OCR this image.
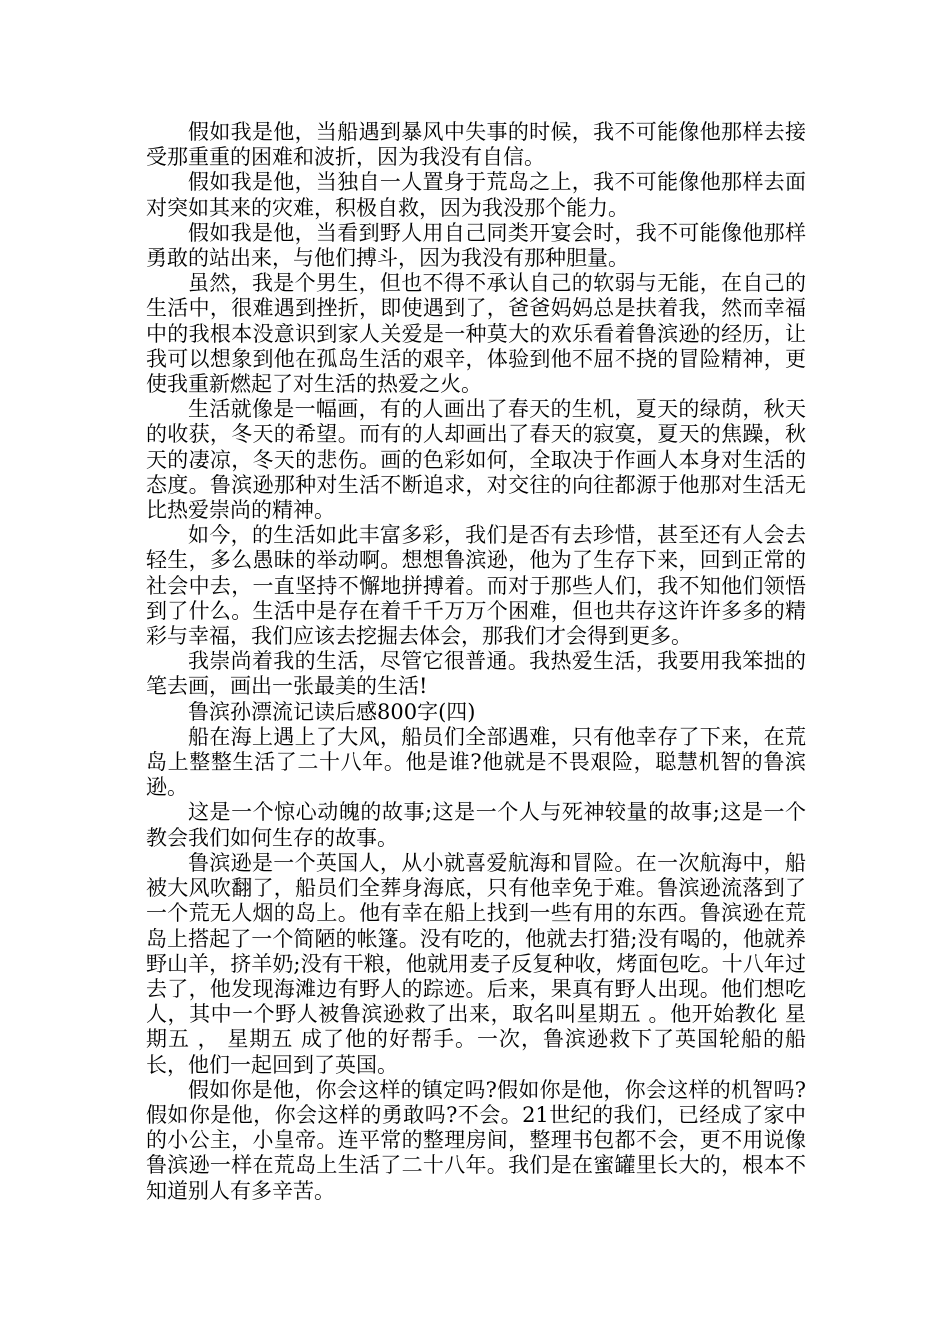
假如我是他，当船遇到暴风中失事的时候，我不可能像他那样去接受那重重的困难和波折，因为我没有自信。

假如我是他，当独自一人置身于荒岛之上，我不可能像他那样去面对突如其来的灾难，积极自救，因为我没那个能力。

假如我是他，当看到野人用自己同类开宴会时，我不可能像他那样勇敢的站出来，与他们搏斗，因为我没有那种胆量。

虽然，我是个男生，但也不得不承认自己的软弱与无能，在自己的生活中，很难遇到挫折，即使遇到了，爸爸妈妈总是扶着我，然而幸福中的我根本没意识到家人关爱是一种莫大的欢乐看着鲁滨逊的经历，让我可以想象到他在孤岛生活的艰辛，体验到他不屈不挠的冒险精神，更使我重新燃起了对生活的热爱之火。

生活就像是一幅画，有的人画出了春天的生机，夏天的绿荫，秋天的收获，冬天的希望。而有的人却画出了春天的寂寞，夏天的焦躁，秋天的凄凉，冬天的悲伤。画的色彩如何，全取决于作画人本身对生活的态度。鲁滨逊那种对生活不断追求，对交往的向往都源于他那对生活无比热爱崇尚的精神。

如今，的生活如此丰富多彩，我们是否有去珍惜，甚至还有人会去轻生，多么愚昧的举动啊。想想鲁滨逊，他为了生存下来，回到正常的社会中去，一直坚持不懈地拼搏着。而对于那些人们，我不知他们领悟到了什么。生活中是存在着千千万万个困难，但也共存这许许多多的精彩与幸福，我们应该去挖掘去体会，那我们才会得到更多。

我崇尚着我的生活，尽管它很普通。我热爱生活，我要用我笨拙的笔去画，画出一张最美的生活!

鲁滨孙漂流记读后感800字(四)

船在海上遇上了大风，船员们全部遇难，只有他幸存了下来，在荒岛上整整生活了二十八年。他是谁?他就是不畏艰险，聪慧机智的鲁滨逊。

这是一个惊心动魄的故事;这是一个人与死神较量的故事;这是一个教会我们如何生存的故事。

鲁滨逊是一个英国人，从小就喜爱航海和冒险。在一次航海中，船被大风吹翻了，船员们全葬身海底，只有他幸免于难。鲁滨逊流落到了一个荒无人烟的岛上。他有幸在船上找到一些有用的东西。鲁滨逊在荒岛上搭起了一个简陋的帐篷。没有吃的，他就去打猎;没有喝的，他就养野山羊，挤羊奶;没有干粮，他就用麦子反复种收，烤面包吃。十八年过去了，他发现海滩边有野人的踪迹。后来，果真有野人出现。他们想吃人，其中一个野人被鲁滨逊救了出来，取名叫星期五 。他开始教化 星期五 ， 星期五 成了他的好帮手。一次，鲁滨逊救下了英国轮船的船长，他们一起回到了英国。

假如你是他，你会这样的镇定吗?假如你是他，你会这样的机智吗?假如你是他，你会这样的勇敢吗?不会。21世纪的我们，已经成了家中的小公主，小皇帝。连平常的整理房间，整理书包都不会，更不用说像鲁滨逊一样在荒岛上生活了二十八年。我们是在蜜罐里长大的，根本不知道别人有多辛苦。
